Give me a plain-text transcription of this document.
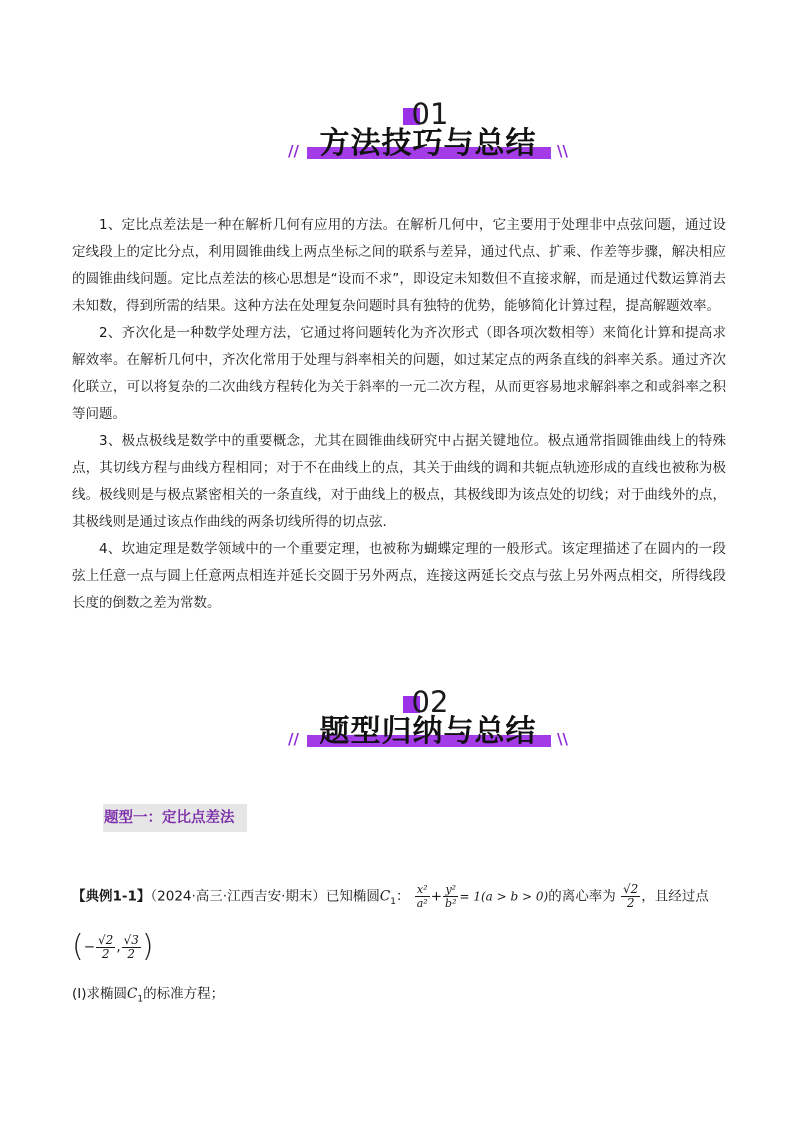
01
// 方法技巧与总结	\\

1、定比点差法是一种在解析几何有应用的方法。在解析几何中，它主要用于处理非中点弦问题，通过设定线段上的定比分点，利用圆锥曲线上两点坐标之间的联系与差异，通过代点、扩乘、作差等步骤，解决相应的圆锥曲线问题。定比点差法的核心思想是“设而不求”，即设定未知数但不直接求解，而是通过代数运算消去未知数，得到所需的结果。这种方法在处理复杂问题时具有独特的优势，能够简化计算过程，提高解题效率。

2、齐次化是一种数学处理方法，它通过将问题转化为齐次形式（即各项次数相等）来简化计算和提高求解效率。在解析几何中，齐次化常用于处理与斜率相关的问题，如过某定点的两条直线的斜率关系。通过齐次化联立，可以将复杂的二次曲线方程转化为关于斜率的一元二次方程，从而更容易地求解斜率之和或斜率之积等问题。

3、极点极线是数学中的重要概念，尤其在圆锥曲线研究中占据关键地位。极点通常指圆锥曲线上的特殊点，其切线方程与曲线方程相同；对于不在曲线上的点，其关于曲线的调和共轭点轨迹形成的直线也被称为极线。极线则是与极点紧密相关的一条直线，对于曲线上的极点，其极线即为该点处的切线；对于曲线外的点，其极线则是通过该点作曲线的两条切线所得的切点弦.

4、坎迪定理是数学领域中的一个重要定理，也被称为蝴蝶定理的一般形式。该定理描述了在圆内的一段弦上任意一点与圆上任意两点相连并延长交圆于另外两点，连接这两延长交点与弦上另外两点相交，所得线段长度的倒数之差为常数。

02
// 题型归纳与总结	\\
题型一：定比点差法
【典例1-1】（2024·高三·江西吉安·期末）已知椭圆$C_1$： $\frac{\text{x²}}{\text{a²}} + \frac{\text{y²}}{\text{b²}} = 1(a > b > 0)$的离心率为 $\frac{√2}{2}$ ，且经过点
(− $\frac{√2}{2}$ , $\frac{√3}{2}$ )
(Ⅰ)求椭圆$C_1$的标准方程；
